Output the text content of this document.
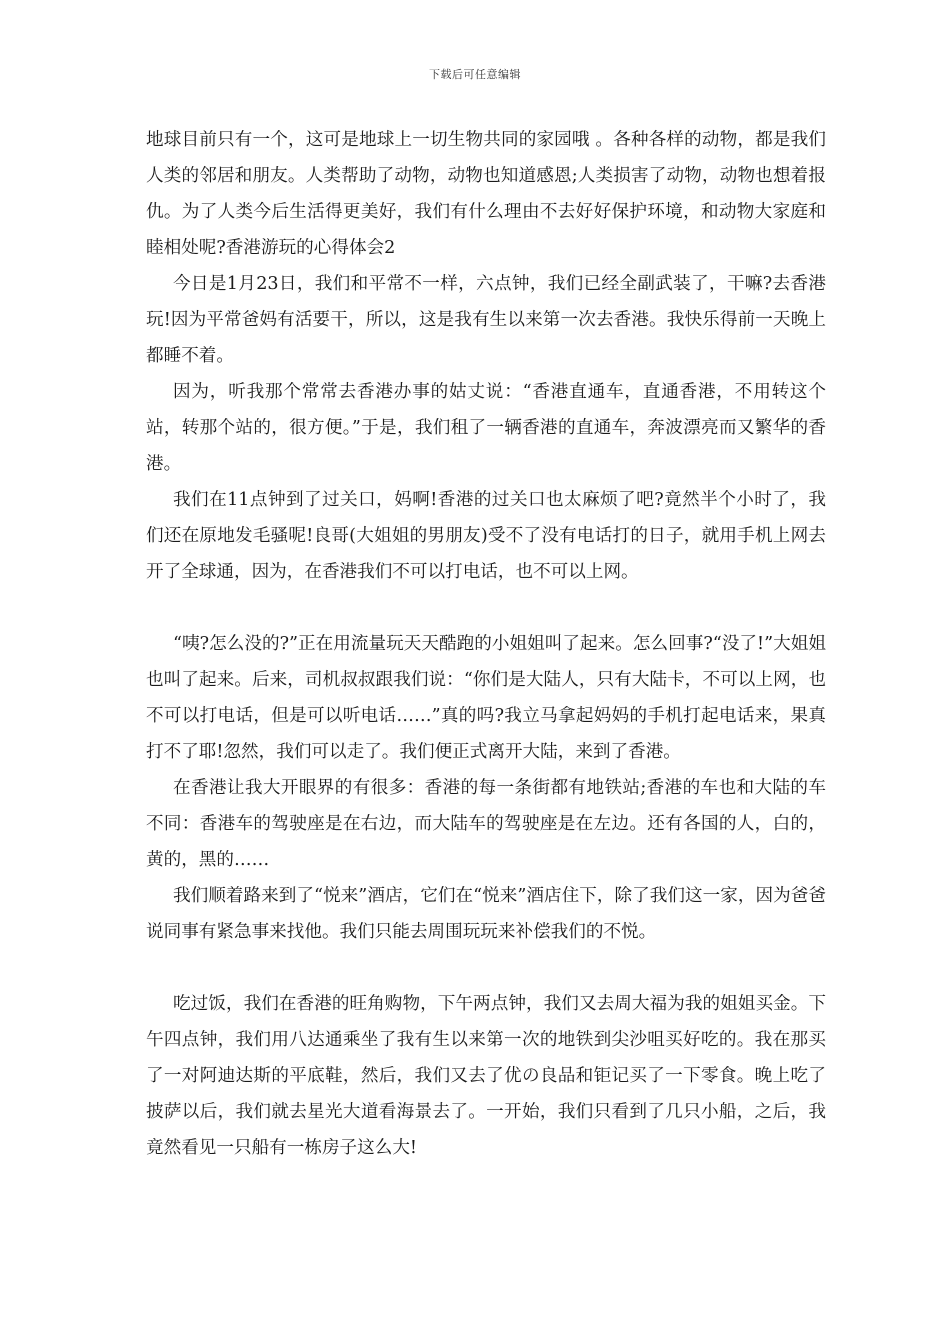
下载后可任意编辑

地球目前只有一个，这可是地球上一切生物共同的家园哦 。各种各样的动物，都是我们人类的邻居和朋友。人类帮助了动物，动物也知道感恩;人类损害了动物，动物也想着报仇。为了人类今后生活得更美好，我们有什么理由不去好好保护环境，和动物大家庭和睦相处呢?香港游玩的心得体会2

今日是1月23日，我们和平常不一样，六点钟，我们已经全副武装了，干嘛?去香港玩!因为平常爸妈有活要干，所以，这是我有生以来第一次去香港。我快乐得前一天晚上都睡不着。

因为，听我那个常常去香港办事的姑丈说：“香港直通车，直通香港，不用转这个站，转那个站的，很方便。”于是，我们租了一辆香港的直通车，奔波漂亮而又繁华的香港。

我们在11点钟到了过关口，妈啊!香港的过关口也太麻烦了吧?竟然半个小时了，我们还在原地发毛骚呢!良哥(大姐姐的男朋友)受不了没有电话打的日子，就用手机上网去开了全球通，因为，在香港我们不可以打电话，也不可以上网。

“咦?怎么没的?”正在用流量玩天天酷跑的小姐姐叫了起来。怎么回事?“没了!”大姐姐也叫了起来。后来，司机叔叔跟我们说：“你们是大陆人，只有大陆卡，不可以上网，也不可以打电话，但是可以听电话……”真的吗?我立马拿起妈妈的手机打起电话来，果真打不了耶!忽然，我们可以走了。我们便正式离开大陆，来到了香港。

在香港让我大开眼界的有很多：香港的每一条街都有地铁站;香港的车也和大陆的车不同：香港车的驾驶座是在右边，而大陆车的驾驶座是在左边。还有各国的人，白的，黄的，黑的……

我们顺着路来到了“悦来”酒店，它们在“悦来”酒店住下，除了我们这一家，因为爸爸说同事有紧急事来找他。我们只能去周围玩玩来补偿我们的不悦。

吃过饭，我们在香港的旺角购物，下午两点钟，我们又去周大福为我的姐姐买金。下午四点钟，我们用八达通乘坐了我有生以来第一次的地铁到尖沙咀买好吃的。我在那买了一对阿迪达斯的平底鞋，然后，我们又去了优の良品和钜记买了一下零食。晚上吃了披萨以后，我们就去星光大道看海景去了。一开始，我们只看到了几只小船，之后，我竟然看见一只船有一栋房子这么大!
